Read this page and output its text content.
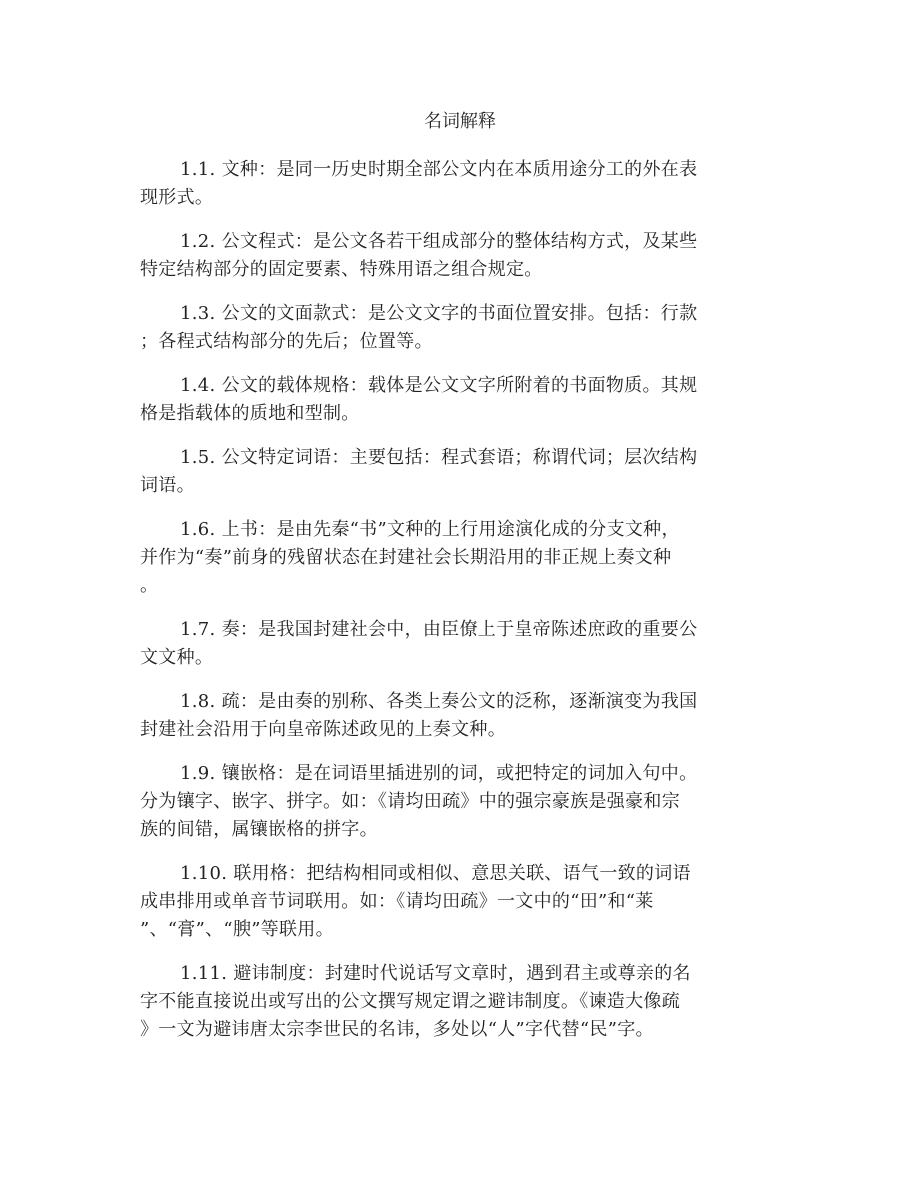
名词解释
1.1. 文种：是同一历史时期全部公文内在本质用途分工的外在表
现形式。
1.2. 公文程式：是公文各若干组成部分的整体结构方式，及某些
特定结构部分的固定要素、特殊用语之组合规定。
1.3. 公文的文面款式：是公文文字的书面位置安排。包括：行款
；各程式结构部分的先后；位置等。
1.4. 公文的载体规格：载体是公文文字所附着的书面物质。其规
格是指载体的质地和型制。
1.5. 公文特定词语：主要包括：程式套语；称谓代词；层次结构
词语。
1.6. 上书：是由先秦“书”文种的上行用途演化成的分支文种，
并作为“奏”前身的残留状态在封建社会长期沿用的非正规上奏文种
。
1.7. 奏：是我国封建社会中，由臣僚上于皇帝陈述庶政的重要公
文文种。
1.8. 疏：是由奏的别称、各类上奏公文的泛称，逐渐演变为我国
封建社会沿用于向皇帝陈述政见的上奏文种。
1.9. 镶嵌格：是在词语里插进别的词，或把特定的词加入句中。
分为镶字、嵌字、拼字。如：《请均田疏》中的强宗豪族是强豪和宗
族的间错，属镶嵌格的拼字。
1.10. 联用格：把结构相同或相似、意思关联、语气一致的词语
成串排用或单音节词联用。如：《请均田疏》一文中的“田”和“莱
”、“膏”、“腴”等联用。
1.11. 避讳制度：封建时代说话写文章时，遇到君主或尊亲的名
字不能直接说出或写出的公文撰写规定谓之避讳制度。《谏造大像疏
》一文为避讳唐太宗李世民的名讳，多处以“人”字代替“民”字。
